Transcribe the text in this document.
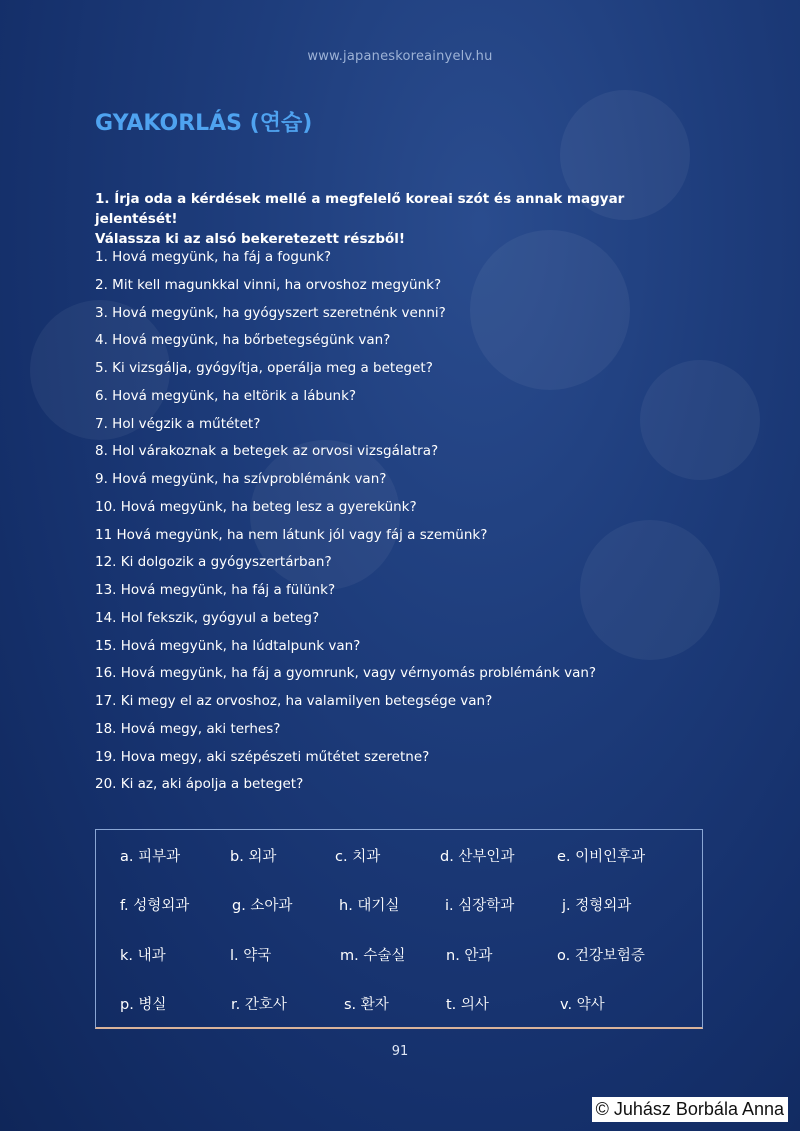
www.japaneskoreainyelv.hu
GYAKORLÁS (연습)
1. Írja oda a kérdések mellé a megfelelő koreai szót és annak magyar jelentését!
Válassza ki az alsó bekeretezett részből!
1. Hová megyünk, ha fáj a fogunk?
2. Mit kell magunkkal vinni, ha orvoshoz megyünk?
3. Hová megyünk, ha gyógyszert szeretnénk venni?
4. Hová megyünk, ha bőrbetegségünk van?
5. Ki vizsgálja, gyógyítja, operálja meg a beteget?
6. Hová megyünk, ha eltörik a lábunk?
7. Hol végzik a műtétet?
8. Hol várakoznak a betegek az orvosi vizsgálatra?
9. Hová megyünk, ha szívproblémánk van?
10. Hová megyünk, ha beteg lesz a gyerekünk?
11 Hová megyünk, ha nem látunk jól vagy fáj a szemünk?
12. Ki dolgozik a gyógyszertárban?
13. Hová megyünk, ha fáj a fülünk?
14. Hol fekszik, gyógyul a beteg?
15. Hová megyünk, ha lúdtalpunk van?
16. Hová megyünk, ha fáj a gyomrunk, vagy vérnyomás problémánk van?
17. Ki megy el az orvoshoz, ha valamilyen betegsége van?
18. Hová megy, aki terhes?
19. Hova megy, aki szépészeti műtétet szeretne?
20. Ki az, aki ápolja a beteget?
a. 피부과	b. 외과	c. 치과	d. 산부인과	e. 이비인후과
f. 성형외과	g. 소아과	h. 대기실	i. 심장학과	j. 정형외과
k. 내과	l. 약국	m. 수술실	n. 안과	o. 건강보험증
p. 병실	r. 간호사	s. 환자	t. 의사	v. 약사
91
© Juhász Borbála Anna
